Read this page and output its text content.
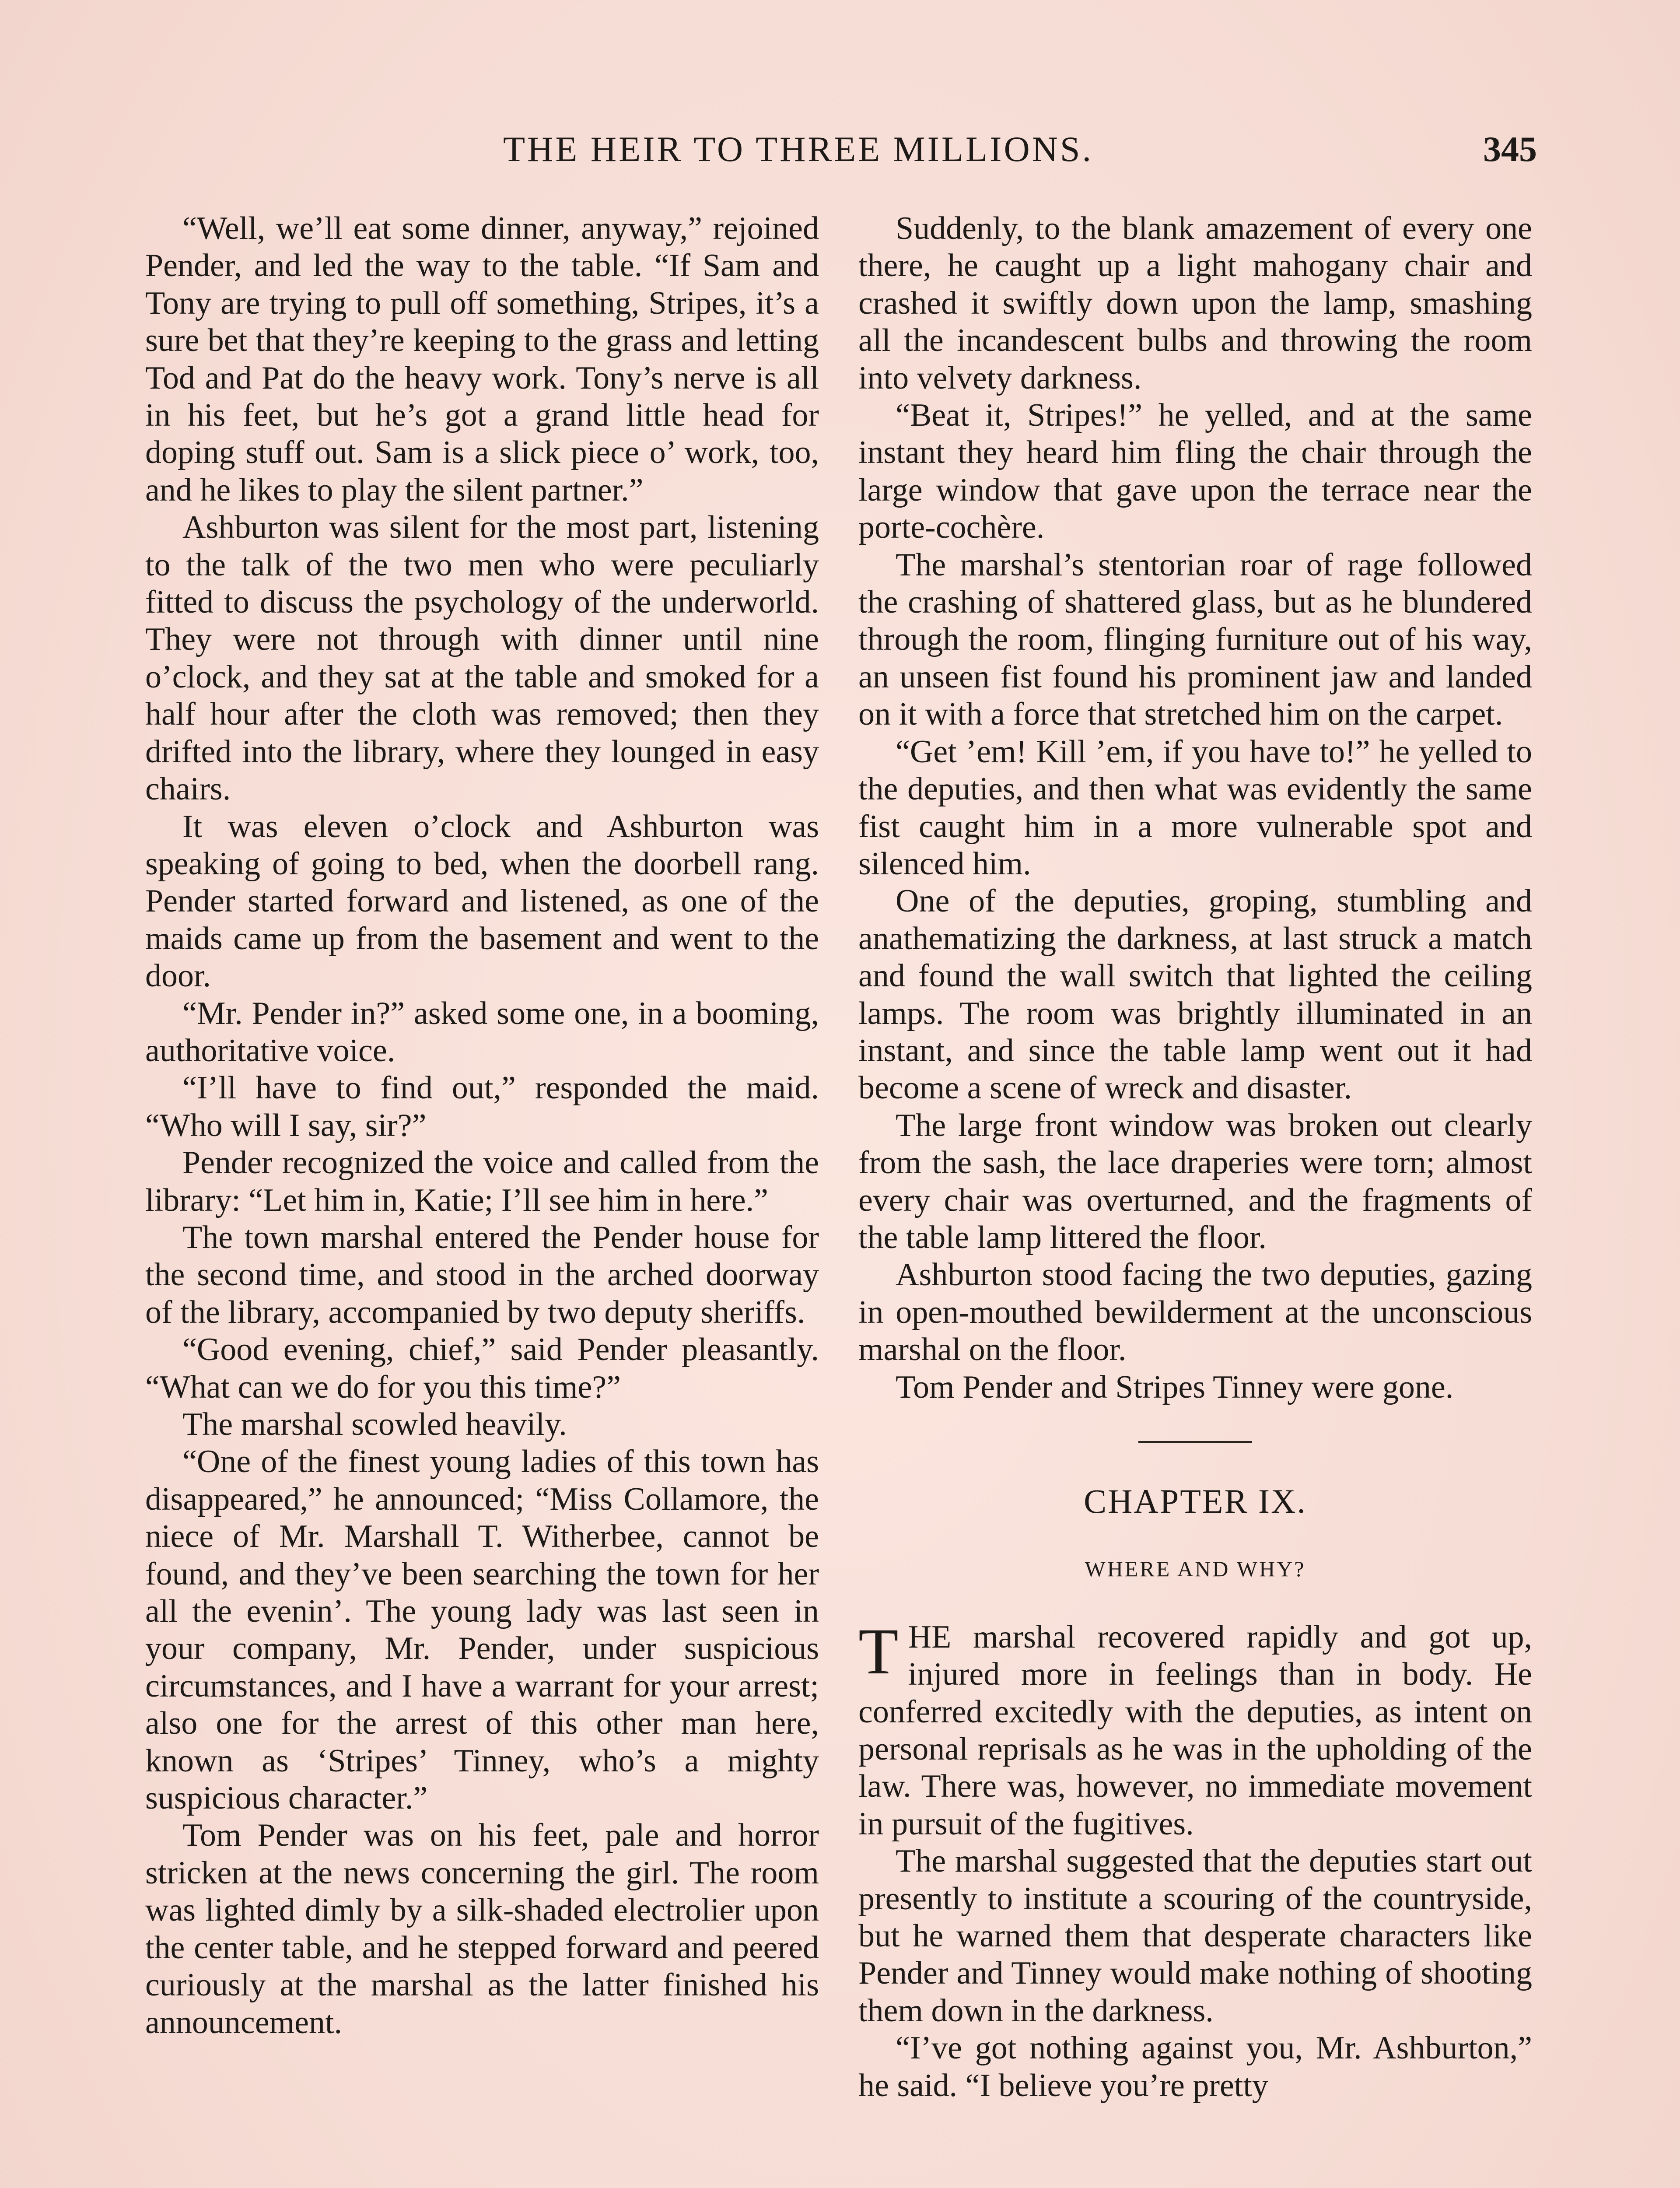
THE HEIR TO THREE MILLIONS.	345

“Well, we’ll eat some dinner, anyway,” rejoined Pender, and led the way to the table. “If Sam and Tony are trying to pull off something, Stripes, it’s a sure bet that they’re keeping to the grass and letting Tod and Pat do the heavy work. Tony’s nerve is all in his feet, but he’s got a grand little head for doping stuff out. Sam is a slick piece o’ work, too, and he likes to play the silent partner.”

Ashburton was silent for the most part, listening to the talk of the two men who were peculiarly fitted to discuss the psychology of the underworld. They were not through with dinner until nine o’clock, and they sat at the table and smoked for a half hour after the cloth was removed; then they drifted into the library, where they lounged in easy chairs.

It was eleven o’clock and Ashburton was speaking of going to bed, when the doorbell rang. Pender started forward and listened, as one of the maids came up from the basement and went to the door.

“Mr. Pender in?” asked some one, in a booming, authoritative voice.

“I’ll have to find out,” responded the maid. “Who will I say, sir?”

Pender recognized the voice and called from the library: “Let him in, Katie; I’ll see him in here.”

The town marshal entered the Pender house for the second time, and stood in the arched doorway of the library, accompanied by two deputy sheriffs.

“Good evening, chief,” said Pender pleasantly. “What can we do for you this time?”

The marshal scowled heavily.

“One of the finest young ladies of this town has disappeared,” he announced; “Miss Collamore, the niece of Mr. Marshall T. Witherbee, cannot be found, and they’ve been searching the town for her all the evenin’. The young lady was last seen in your company, Mr. Pender, under suspicious circumstances, and I have a warrant for your arrest; also one for the arrest of this other man here, known as ‘Stripes’ Tinney, who’s a mighty suspicious character.”

Tom Pender was on his feet, pale and horror stricken at the news concerning the girl. The room was lighted dimly by a silk-shaded electrolier upon the center table, and he stepped forward and peered curiously at the marshal as the latter finished his announcement.

Suddenly, to the blank amazement of every one there, he caught up a light mahogany chair and crashed it swiftly down upon the lamp, smashing all the incandescent bulbs and throwing the room into velvety darkness.

“Beat it, Stripes!” he yelled, and at the same instant they heard him fling the chair through the large window that gave upon the terrace near the porte-cochère.

The marshal’s stentorian roar of rage followed the crashing of shattered glass, but as he blundered through the room, flinging furniture out of his way, an unseen fist found his prominent jaw and landed on it with a force that stretched him on the carpet.

“Get ’em! Kill ’em, if you have to!” he yelled to the deputies, and then what was evidently the same fist caught him in a more vulnerable spot and silenced him.

One of the deputies, groping, stumbling and anathematizing the darkness, at last struck a match and found the wall switch that lighted the ceiling lamps. The room was brightly illuminated in an instant, and since the table lamp went out it had become a scene of wreck and disaster.

The large front window was broken out clearly from the sash, the lace draperies were torn; almost every chair was overturned, and the fragments of the table lamp littered the floor.

Ashburton stood facing the two deputies, gazing in open-mouthed bewilderment at the unconscious marshal on the floor.

Tom Pender and Stripes Tinney were gone.

CHAPTER IX.
WHERE AND WHY?

THE marshal recovered rapidly and got up, injured more in feelings than in body. He conferred excitedly with the deputies, as intent on personal reprisals as he was in the upholding of the law. There was, however, no immediate movement in pursuit of the fugitives.

The marshal suggested that the deputies start out presently to institute a scouring of the countryside, but he warned them that desperate characters like Pender and Tinney would make nothing of shooting them down in the darkness.

“I’ve got nothing against you, Mr. Ashburton,” he said. “I believe you’re pretty
